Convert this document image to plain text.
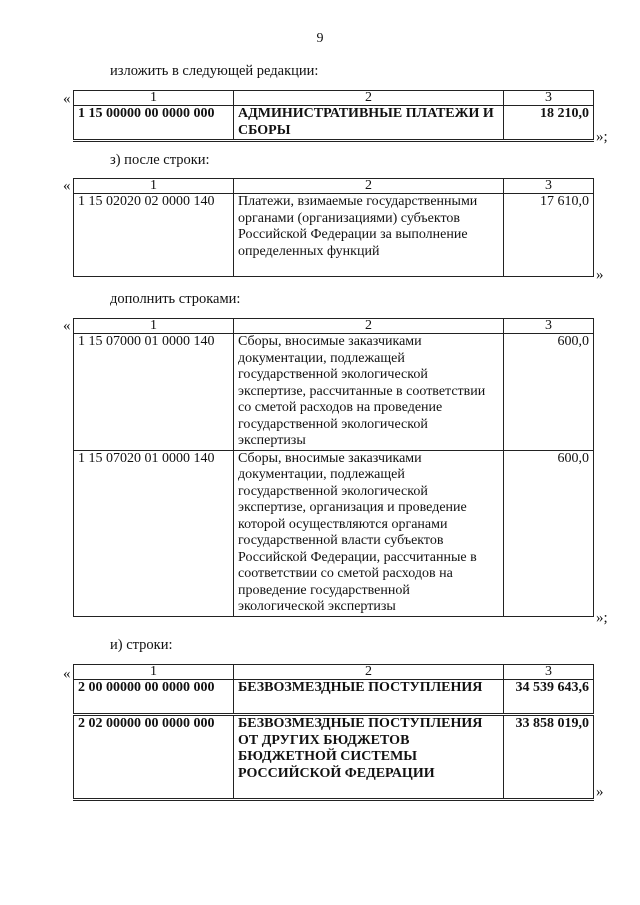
9
изложить в следующей редакции:
«	1	2	3
1 15 00000 00 0000 000	АДМИНИСТРАТИВНЫЕ ПЛАТЕЖИ И СБОРЫ	18 210,0
»;
з) после строки:
«	1	2	3
1 15 02020 02 0000 140	Платежи, взимаемые государственными органами (организациями) субъектов Российской Федерации за выполнение определенных функций	17 610,0
»
дополнить строками:
«	1	2	3
1 15 07000 01 0000 140	Сборы, вносимые заказчиками документации, подлежащей государственной экологической экспертизе, рассчитанные в соответствии со сметой расходов на проведение государственной экологической экспертизы	600,0
1 15 07020 01 0000 140	Сборы, вносимые заказчиками документации, подлежащей государственной экологической экспертизе, организация и проведение которой осуществляются органами государственной власти субъектов Российской Федерации, рассчитанные в соответствии со сметой расходов на проведение государственной экологической экспертизы	600,0
»;
и) строки:
«	1	2	3
2 00 00000 00 0000 000	БЕЗВОЗМЕЗДНЫЕ ПОСТУПЛЕНИЯ	34 539 643,6
2 02 00000 00 0000 000	БЕЗВОЗМЕЗДНЫЕ ПОСТУПЛЕНИЯ ОТ ДРУГИХ БЮДЖЕТОВ БЮДЖЕТНОЙ СИСТЕМЫ РОССИЙСКОЙ ФЕДЕРАЦИИ	33 858 019,0
»
